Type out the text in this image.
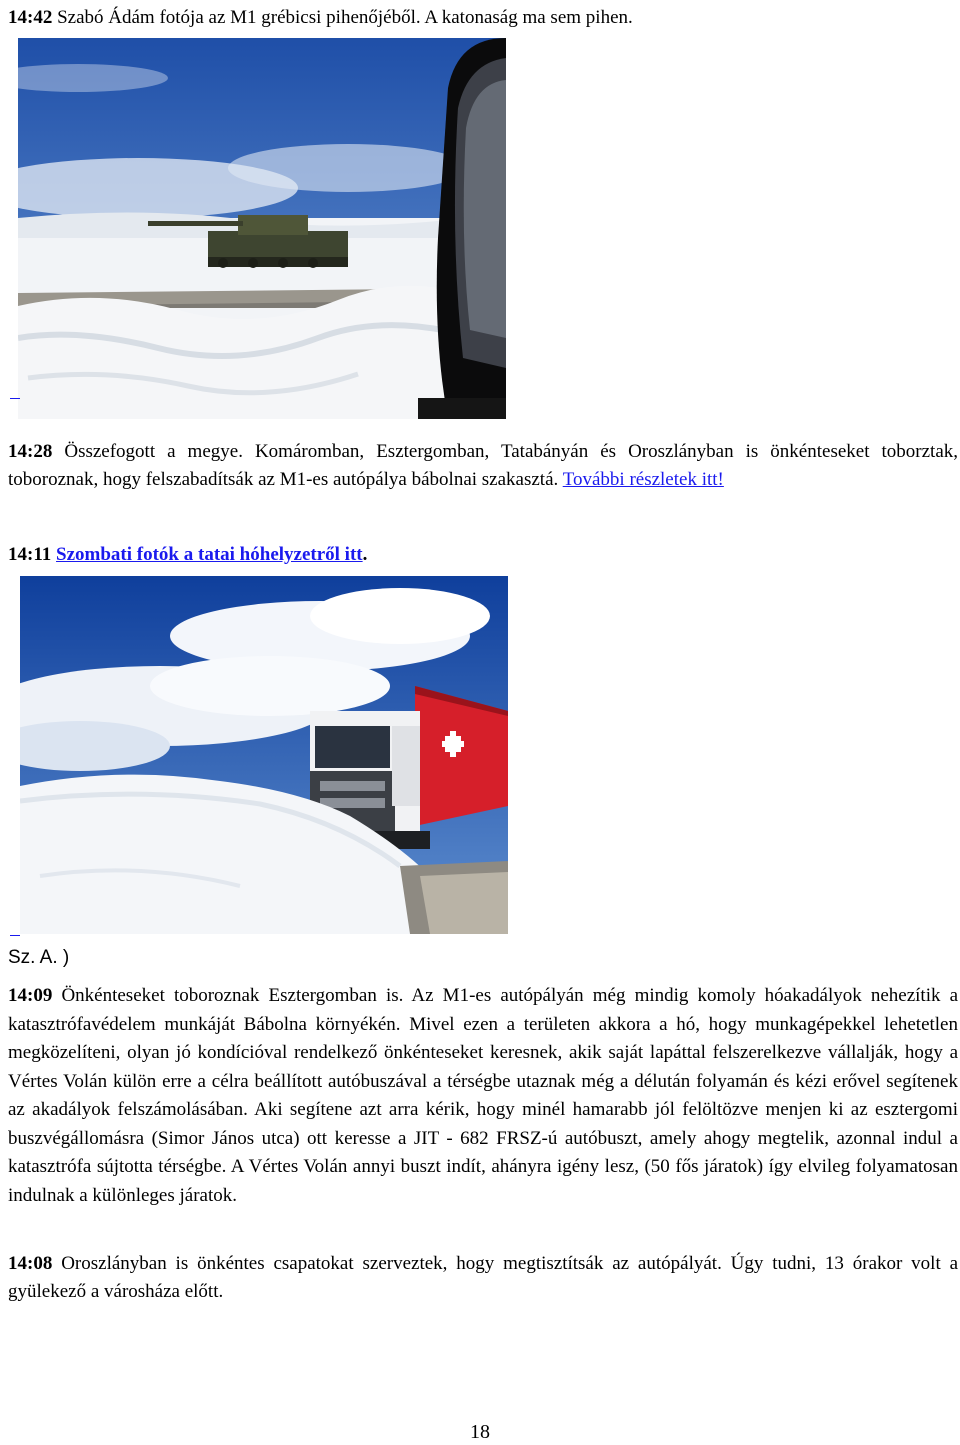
14:42 Szabó Ádám fotója az M1 grébicsi pihenőjéből. A katonaság ma sem pihen.
14:28 Összefogott a megye. Komáromban, Esztergomban, Tatabányán és Oroszlányban is önkénteseket toborztak, toboroznak, hogy felszabadítsák az M1-es autópálya bábolnai szakasztá. További részletek itt!
14:11 Szombati fotók a tatai hóhelyzetről itt.
Sz. A. )
14:09 Önkénteseket toboroznak Esztergomban is. Az M1-es autópályán még mindig komoly hóakadályok nehezítik a katasztrófavédelem munkáját Bábolna környékén. Mivel ezen a területen akkora a hó, hogy munkagépekkel lehetetlen megközelíteni, olyan jó kondícióval rendelkező önkénteseket keresnek, akik saját lapáttal felszerelkezve vállalják, hogy a Vértes Volán külön erre a célra beállított autóbuszával a térségbe utaznak még a délután folyamán és kézi erővel segítenek az akadályok felszámolásában. Aki segítene azt arra kérik, hogy minél hamarabb jól felöltözve menjen ki az esztergomi buszvégállomásra (Simor János utca) ott keresse a JIT - 682 FRSZ-ú autóbuszt, amely ahogy megtelik, azonnal indul a katasztrófa sújtotta térségbe. A Vértes Volán annyi buszt indít, ahányra igény lesz, (50 fős járatok) így elvileg folyamatosan indulnak a különleges járatok.
14:08 Oroszlányban is önkéntes csapatokat szerveztek, hogy megtisztítsák az autópályát. Úgy tudni, 13 órakor volt a gyülekező a városháza előtt.
18
